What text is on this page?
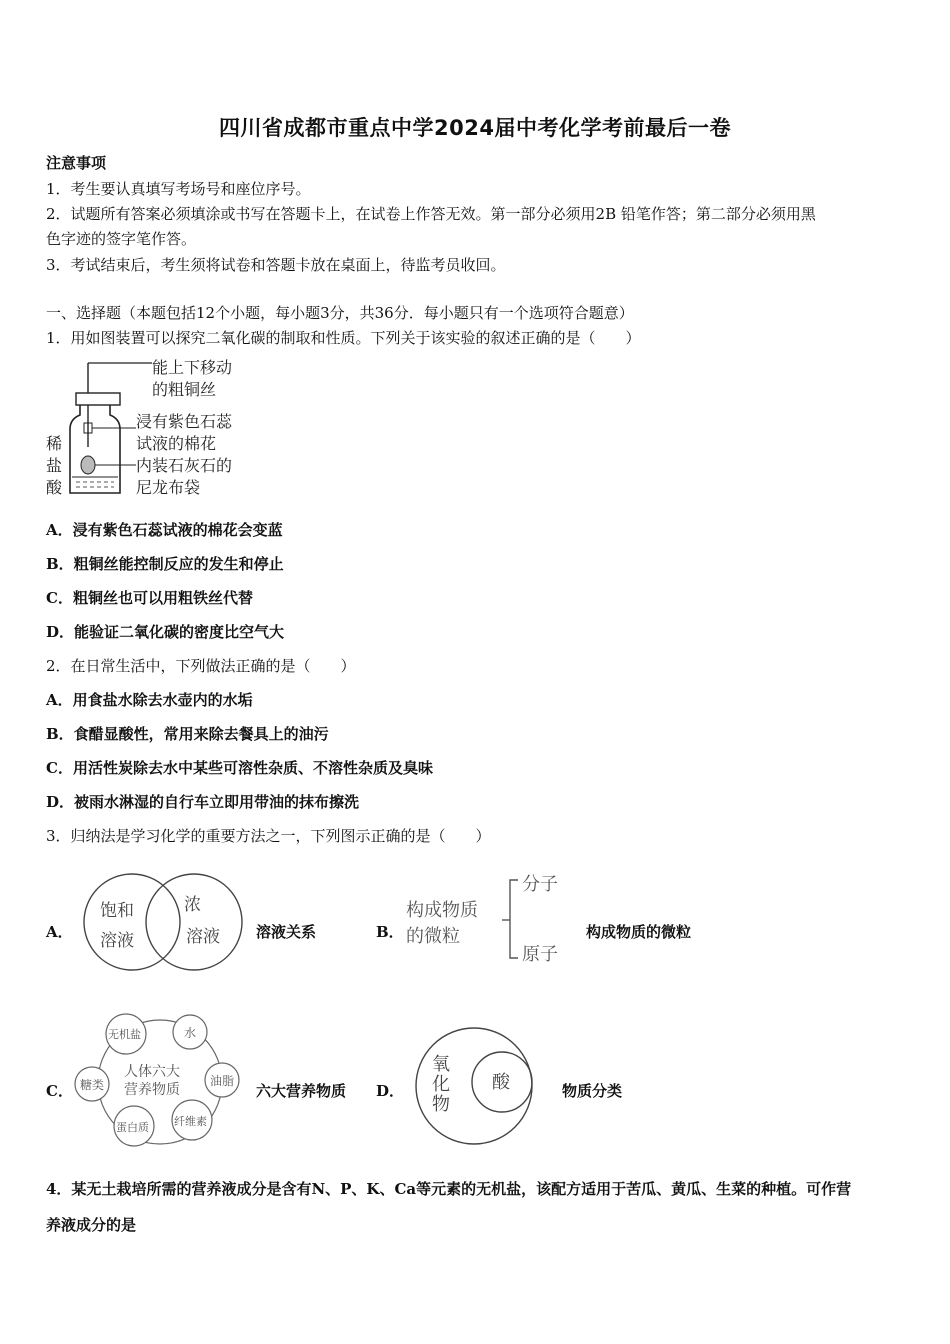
四川省成都市重点中学2024届中考化学考前最后一卷
注意事项
1．考生要认真填写考场号和座位序号。
2．试题所有答案必须填涂或书写在答题卡上，在试卷上作答无效。第一部分必须用2B 铅笔作答；第二部分必须用黑
色字迹的签字笔作答。
3．考试结束后，考生须将试卷和答题卡放在桌面上，待监考员收回。
一、选择题（本题包括12个小题，每小题3分，共36分．每小题只有一个选项符合题意）
1．用如图装置可以探究二氧化碳的制取和性质。下列关于该实验的叙述正确的是（　　）
稀
盐
酸
能上下移动
的粗铜丝
浸有紫色石蕊
试液的棉花
内装石灰石的
尼龙布袋
A．浸有紫色石蕊试液的棉花会变蓝
B．粗铜丝能控制反应的发生和停止
C．粗铜丝也可以用粗铁丝代替
D．能验证二氧化碳的密度比空气大
2．在日常生活中，下列做法正确的是（　　）
A．用食盐水除去水壶内的水垢
B．食醋显酸性，常用来除去餐具上的油污
C．用活性炭除去水中某些可溶性杂质、不溶性杂质及臭味
D．被雨水淋湿的自行车立即用带油的抹布擦洗
3．归纳法是学习化学的重要方法之一，下列图示正确的是（　　）
A．
饱和
溶液
浓
溶液 溶液关系	B．
构成物质
的微粒
分子
原子
构成物质的微粒
C．
人体六大
营养物质
无机盐	水
油脂
纤维素
蛋白质
糖类	六大营养物质 D．
氧
化
物
酸	物质分类
4．某无土栽培所需的营养液成分是含有N、P、K、Ca等元素的无机盐，该配方适用于苦瓜、黄瓜、生菜的种植。可作营
养液成分的是
